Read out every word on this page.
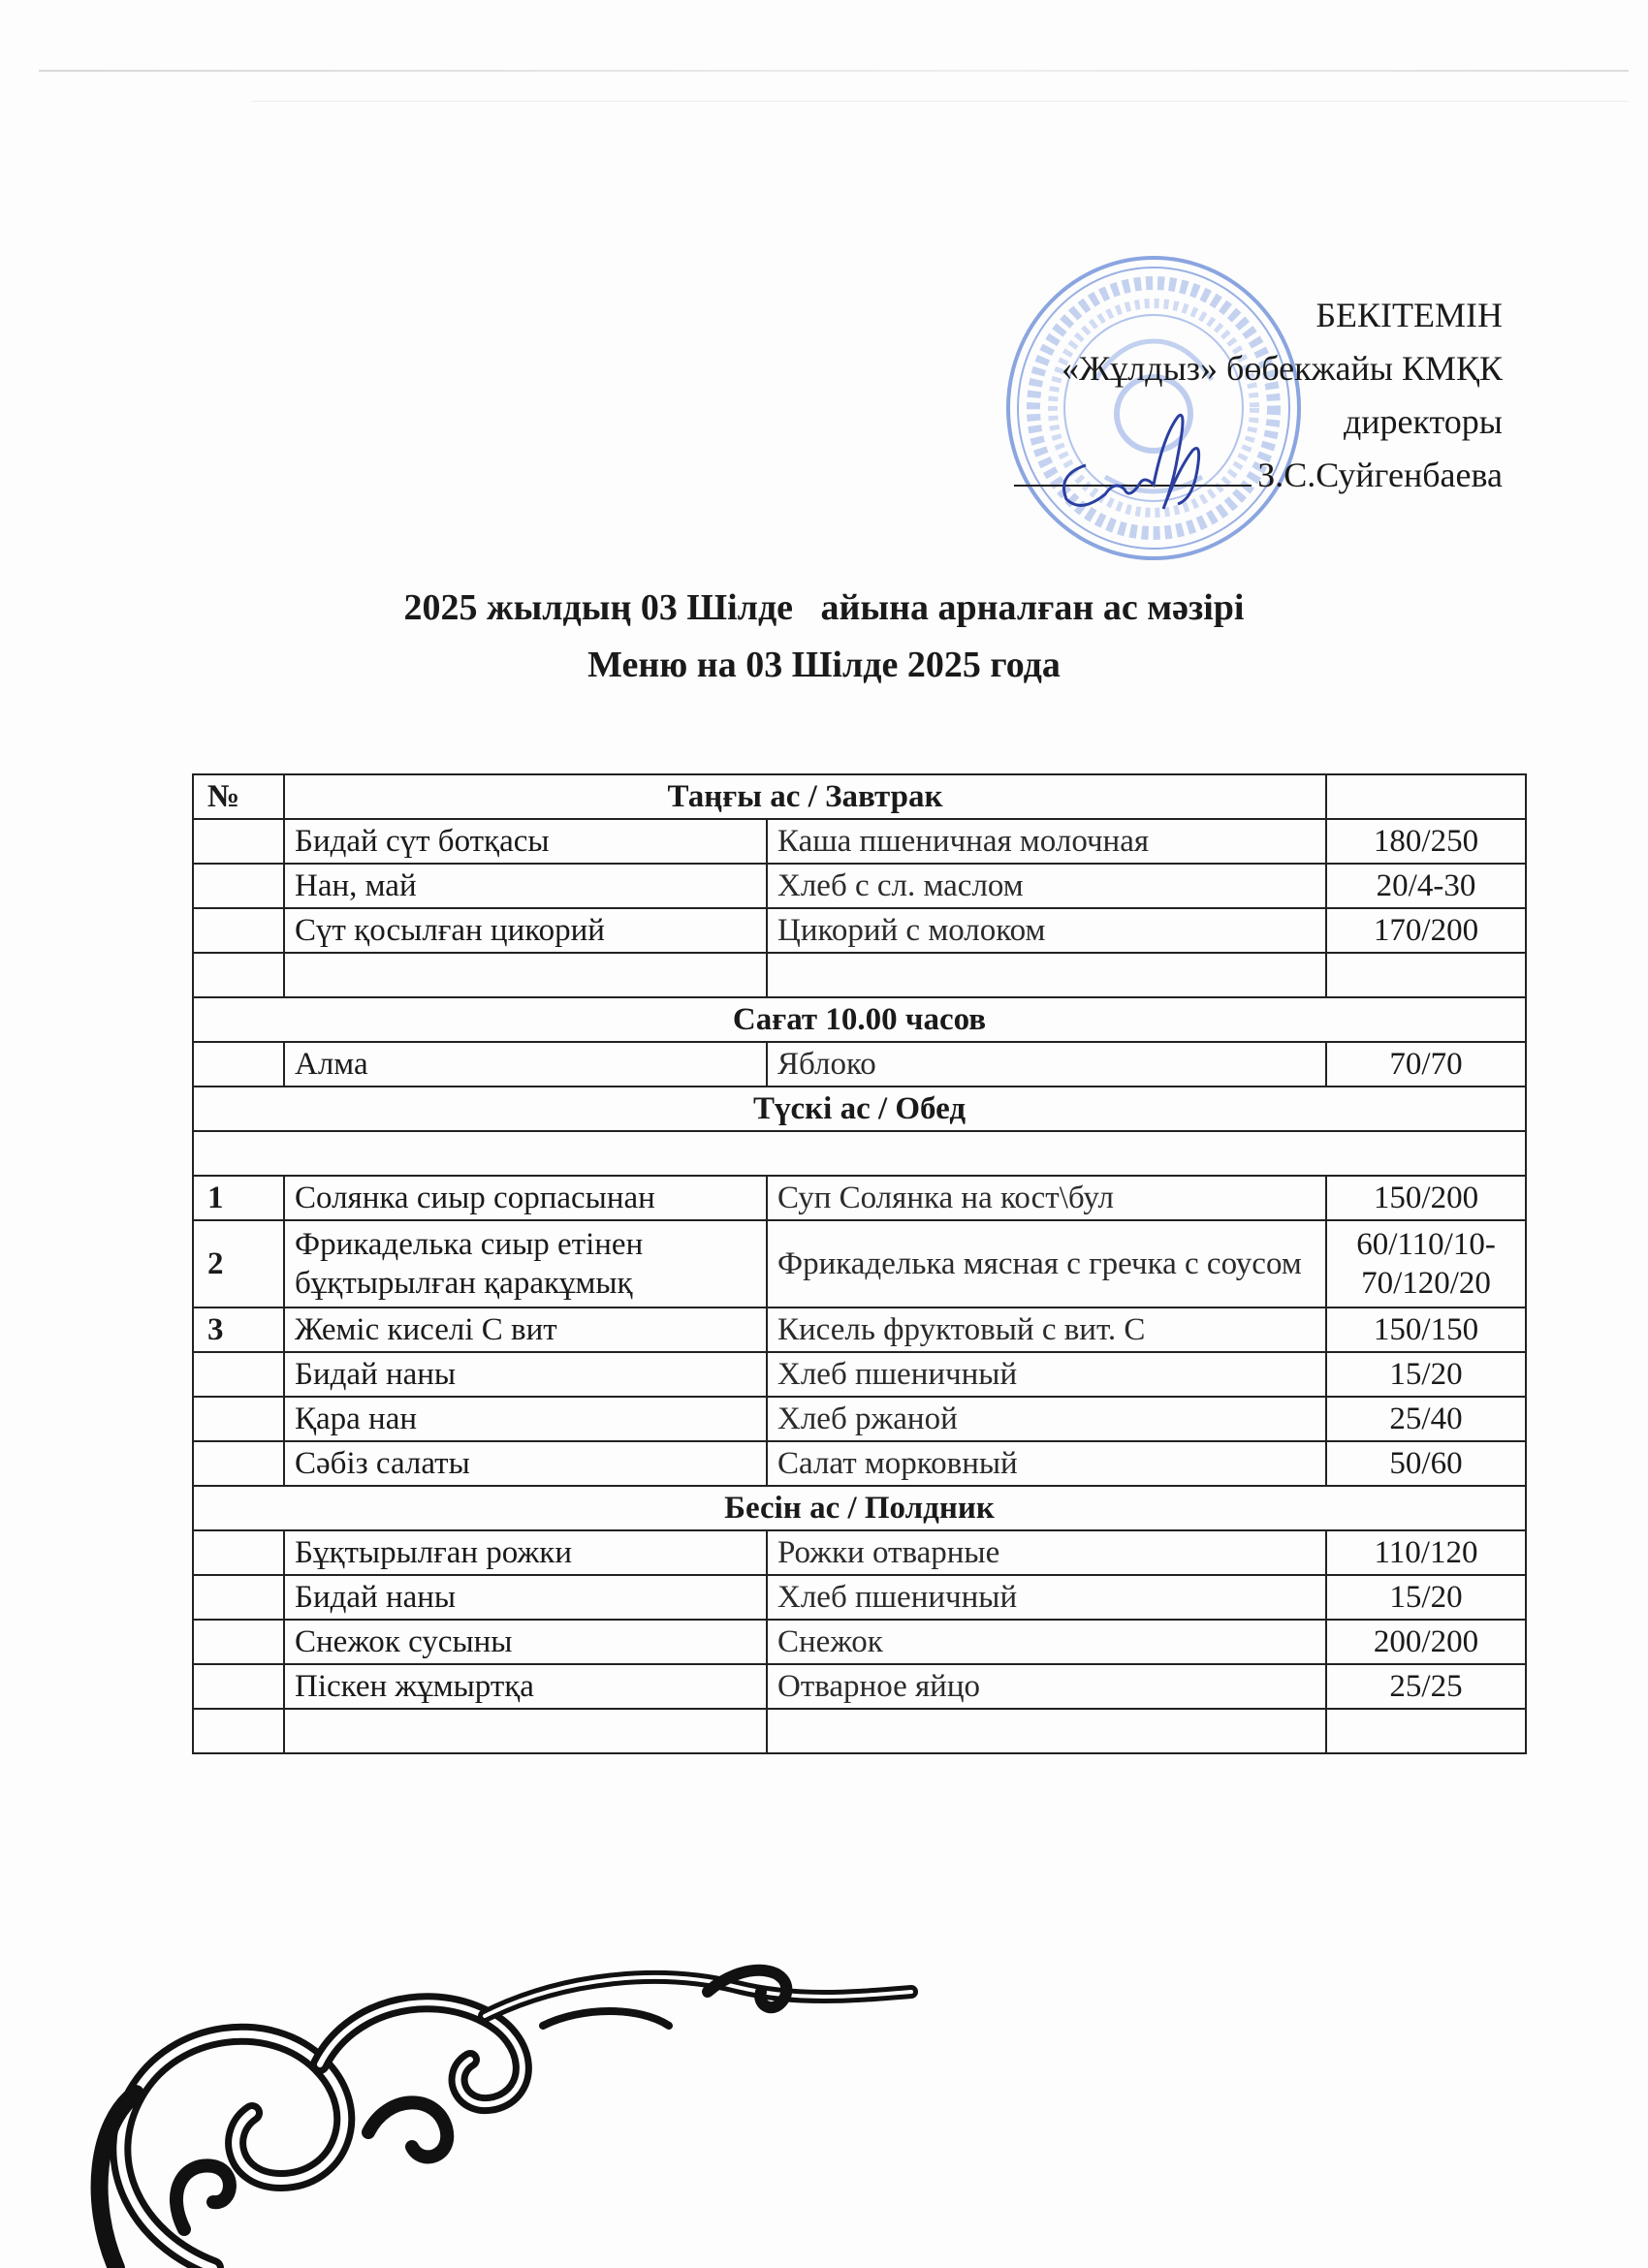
БЕКІТЕМІН
«Жұлдыз» бөбекжайы КМҚК
директоры
З.С.Суйгенбаева
2025 жылдың 03 Шілде   айына арналған ас мәзірі
Меню на 03 Шілде 2025 года
№	Таңғы ас / Завтрак		
	Бидай сүт ботқасы	Каша пшеничная молочная	180/250
	Нан, май	Хлеб с сл. маслом	20/4-30
	Сүт қосылған цикорий	Цикорий с молоком	170/200

Сағат 10.00 часов			
	Алма	Яблоко	70/70
Түскі ас / Обед			

1	Солянка сиыр сорпасынан	Суп Солянка на кост\бул	150/200
2	Фрикаделька сиыр етінен бұқтырылған қаракұмық	Фрикаделька мясная с гречка с соусом	60/110/10-70/120/20
3	Жеміс киселі С вит	Кисель фруктовый с вит. С	150/150
	Бидай наны	Хлеб пшеничный	15/20
	Қара нан	Хлеб ржаной	25/40
	Сәбіз салаты	Салат морковный	50/60
Бесін ас / Полдник			
	Бұқтырылған рожки	Рожки отварные	110/120
	Бидай наны	Хлеб пшеничный	15/20
	Снежок сусыны	Снежок	200/200
	Піскен жұмыртқа	Отварное яйцо	25/25
